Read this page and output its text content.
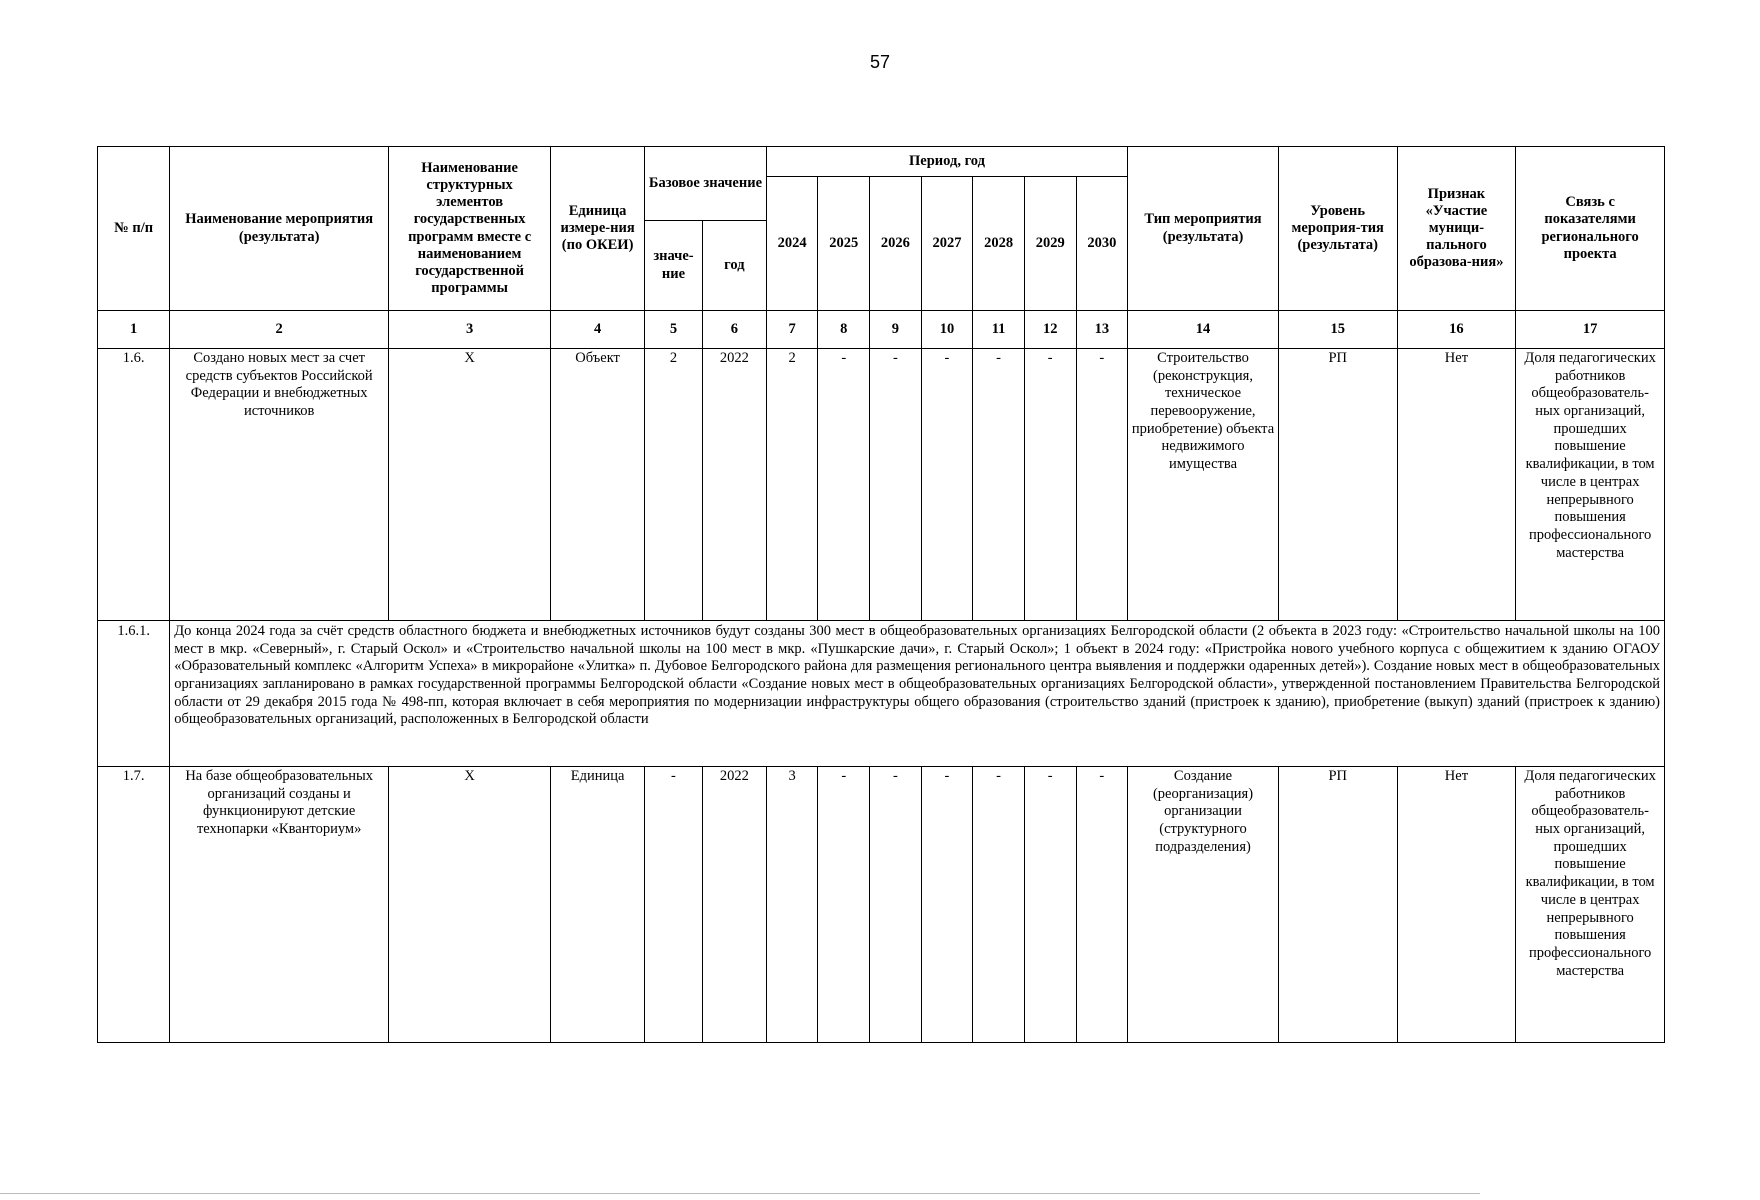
57
№ п/п	Наименование мероприятия (результата)	Наименование структурных элементов государственных программ вместе с наименованием государственной программы	Единица измере-ния (по ОКЕИ)	Базовое значение		Период, год							Тип мероприятия (результата)	Уровень мероприя-тия (результата)	Признак «Участие муници-пального образова-ния»	Связь с показателями регионального проекта
						2024	2025	2026	2027	2028	2029	2030				
				значе-ние	год											
1	2	3	4	5	6	7	8	9	10	11	12	13	14	15	16	17
1.6.	Создано новых мест за счет средств субъектов Российской Федерации и внебюджетных источников	X	Объект	2	2022	2	-	-	-	-	-	-	Строительство (реконструкция, техническое перевооружение, приобретение) объекта недвижимого имущества	РП	Нет	Доля педагогических работников общеобразователь-ных организаций, прошедших повышение квалификации, в том числе в центрах непрерывного повышения профессионального мастерства
1.6.1.	До конца 2024 года за счёт средств областного бюджета и внебюджетных источников будут созданы 300 мест в общеобразовательных организациях Белгородской области (2 объекта в 2023 году: «Строительство начальной школы на 100 мест в мкр. «Северный», г. Старый Оскол» и «Строительство начальной школы на 100 мест в мкр. «Пушкарские дачи», г. Старый Оскол»; 1 объект в 2024 году: «Пристройка нового учебного корпуса с общежитием к зданию ОГАОУ «Образовательный комплекс «Алгоритм Успеха» в микрорайоне «Улитка» п. Дубовое Белгородского района для размещения регионального центра выявления и поддержки одаренных детей»). Создание новых мест в общеобразовательных организациях запланировано в рамках государственной программы Белгородской области «Создание новых мест в общеобразовательных организациях Белгородской области», утвержденной постановлением Правительства Белгородской области от 29 декабря 2015 года № 498-пп, которая включает в себя мероприятия по модернизации инфраструктуры общего образования (строительство зданий (пристроек к зданию), приобретение (выкуп) зданий (пристроек к зданию) общеобразовательных организаций, расположенных в Белгородской области															
1.7.	На базе общеобразовательных организаций созданы и функционируют детские технопарки «Кванториум»	X	Единица	-	2022	3	-	-	-	-	-	-	Создание (реорганизация) организации (структурного подразделения)	РП	Нет	Доля педагогических работников общеобразователь-ных организаций, прошедших повышение квалификации, в том числе в центрах непрерывного повышения профессионального мастерства
